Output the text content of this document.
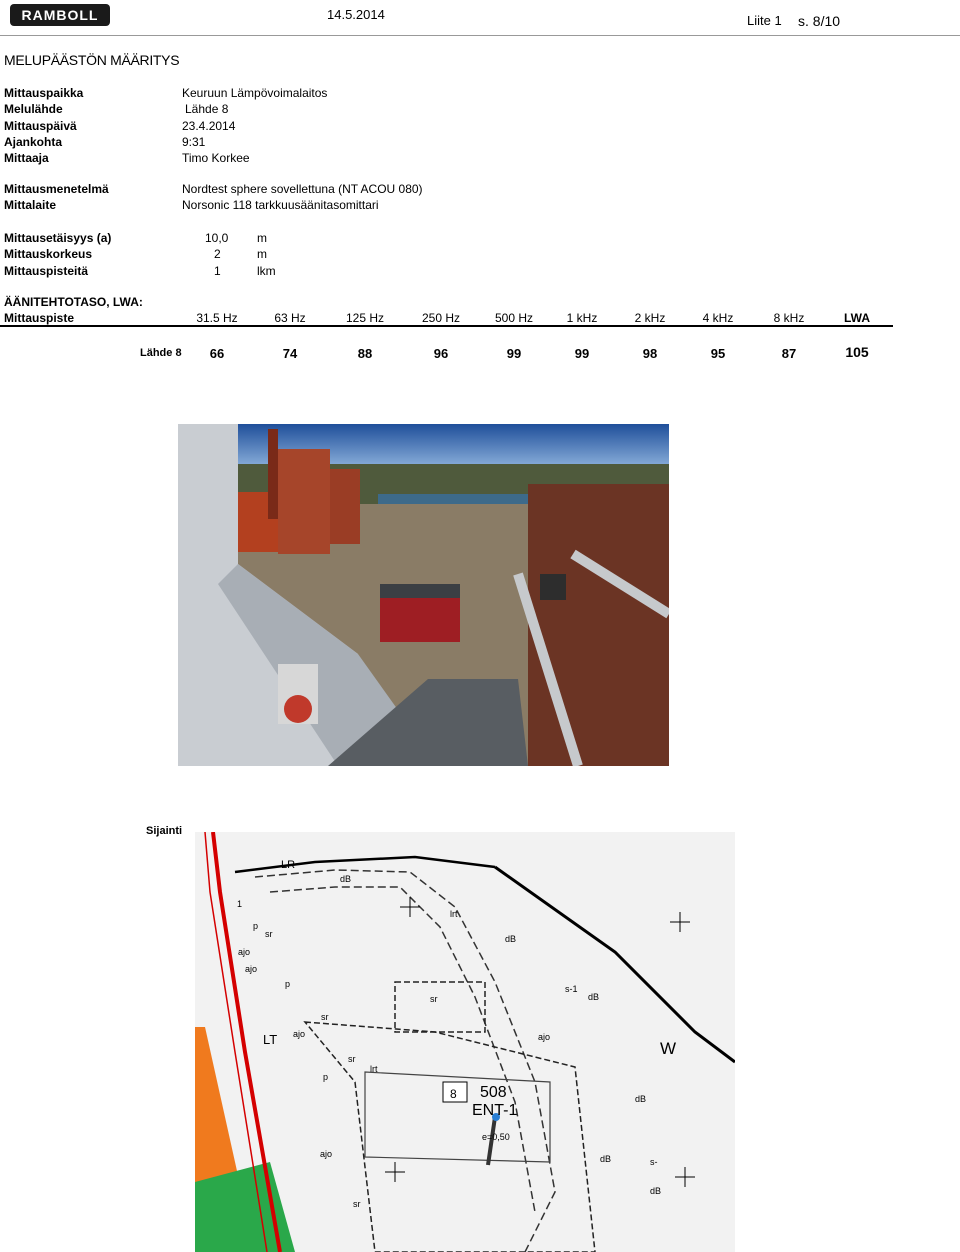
RAMBOLL	14.5.2014	Liite 1 s. 8/10
MELUPÄÄSTÖN MÄÄRITYS
Mittauspaikka	Keuruun Lämpövoimalaitos
Melulähde	Lähde 8
Mittauspäivä	23.4.2014
Ajankohta	9:31
Mittaaja	Timo Korkee
Mittausmenetelmä	Nordtest sphere sovellettuna (NT ACOU 080)
Mittalaite	Norsonic 118 tarkkuusäänitasomittari
Mittausetäisyys (a)	10,0 m
Mittauskorkeus	2	m
Mittauspisteitä	1	lkm
ÄÄNITEHTOTASO, LWA:
Mittauspiste	31.5 Hz	63 Hz	125 Hz	250 Hz	500 Hz	1 kHz	2 kHz	4 kHz	8 kHz	LWA
Lähde 8	66	74	88	96	99	99	98	95	87	105
Sijainti
LR
dB
lrt
dB
sr
p
ajo
p
sr
s-1
dB
sr
ajo	ajo
LT
p
sr
lrt
W
8 508
ENT-1
e=0,50
ajo
dB
dB	s-
dB
1
ajo
sr
